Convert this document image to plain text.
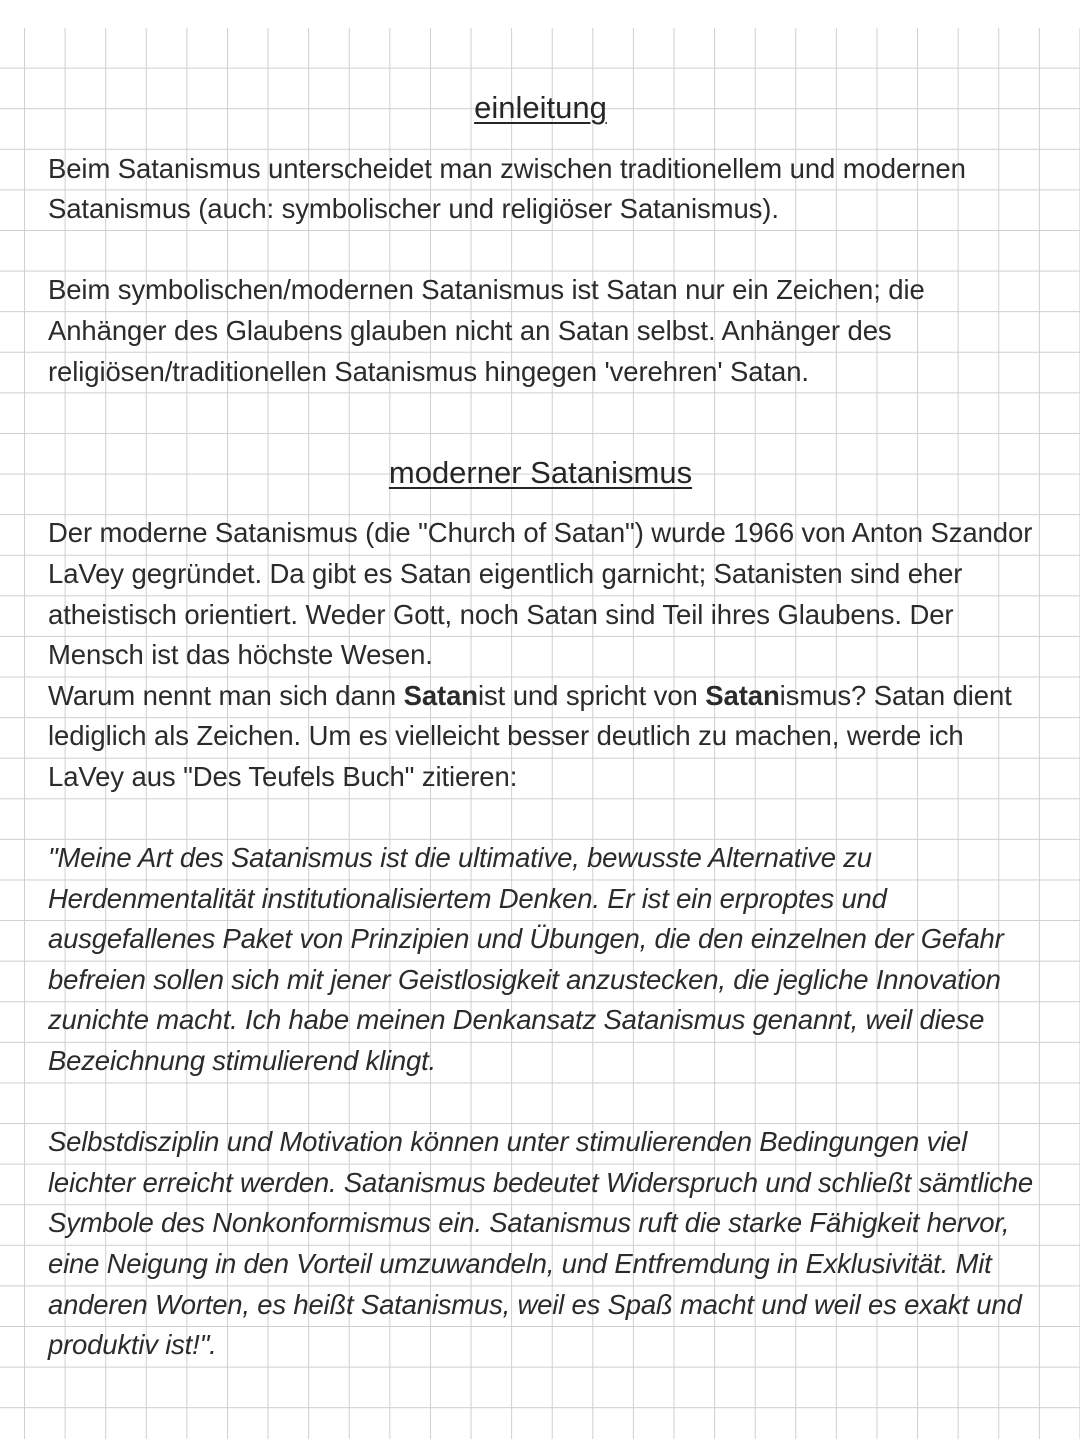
einleitung

Beim Satanismus unterscheidet man zwischen traditionellem und modernen Satanismus (auch: symbolischer und religiöser Satanismus).

Beim symbolischen/modernen Satanismus ist Satan nur ein Zeichen; die Anhänger des Glaubens glauben nicht an Satan selbst. Anhänger des religiösen/traditionellen Satanismus hingegen 'verehren' Satan.

moderner Satanismus

Der moderne Satanismus (die "Church of Satan") wurde 1966 von Anton Szandor LaVey gegründet. Da gibt es Satan eigentlich garnicht; Satanisten sind eher atheistisch orientiert. Weder Gott, noch Satan sind Teil ihres Glaubens. Der Mensch ist das höchste Wesen.

Warum nennt man sich dann Satanist und spricht von Satanismus? Satan dient lediglich als Zeichen. Um es vielleicht besser deutlich zu machen, werde ich LaVey aus "Des Teufels Buch" zitieren:

"Meine Art des Satanismus ist die ultimative, bewusste Alternative zu Herdenmentalität institutionalisiertem Denken. Er ist ein erproptes und ausgefallenes Paket von Prinzipien und Übungen, die den einzelnen der Gefahr befreien sollen sich mit jener Geistlosigkeit anzustecken, die jegliche Innovation zunichte macht. Ich habe meinen Denkansatz Satanismus genannt, weil diese Bezeichnung stimulierend klingt.

Selbstdisziplin und Motivation können unter stimulierenden Bedingungen viel leichter erreicht werden. Satanismus bedeutet Widerspruch und schließt sämtliche Symbole des Nonkonformismus ein. Satanismus ruft die starke Fähigkeit hervor, eine Neigung in den Vorteil umzuwandeln, und Entfremdung in Exklusivität. Mit anderen Worten, es heißt Satanismus, weil es Spaß macht und weil es exakt und produktiv ist!".
